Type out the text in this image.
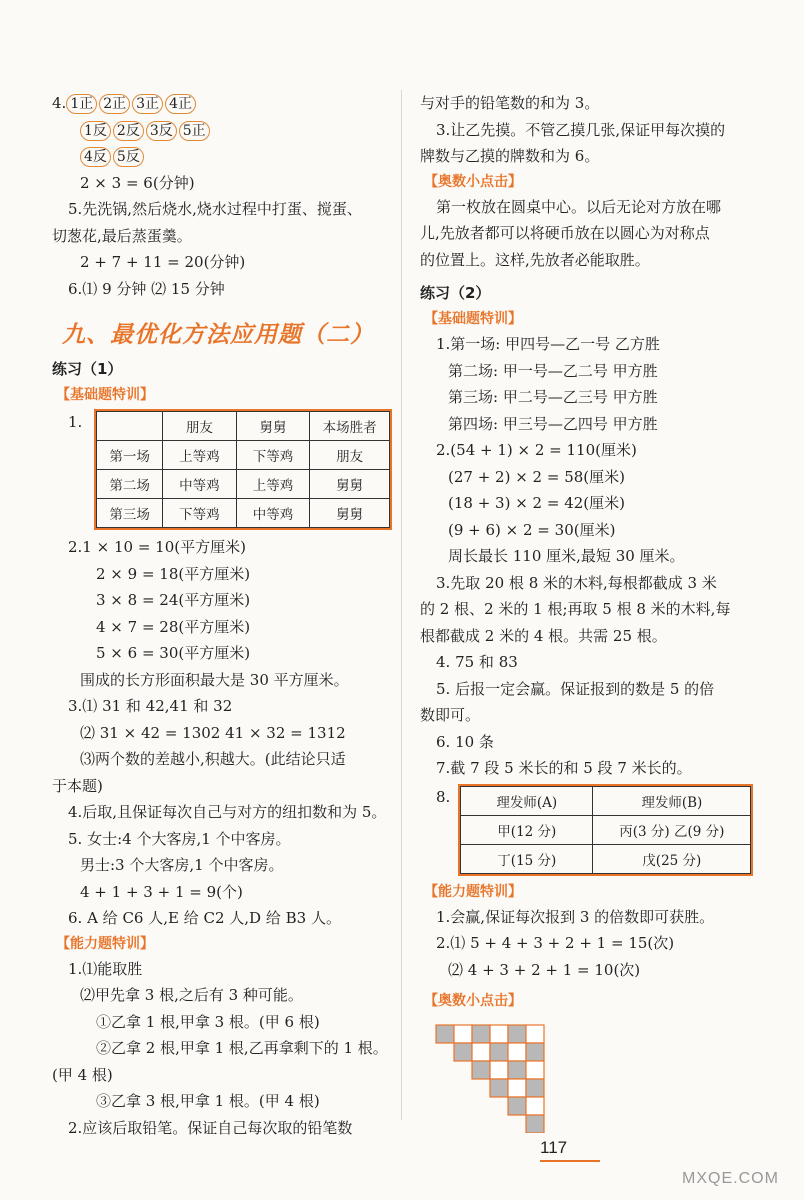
4. 1正 2正 3正 4正
1反 2反 3反 5正
4反 5反
2 × 3 = 6(分钟)
5.先洗锅,然后烧水,烧水过程中打蛋、搅蛋、
切葱花,最后蒸蛋羹。
2 + 7 + 11 = 20(分钟)
6.⑴ 9 分钟 ⑵ 15 分钟
九、最优化方法应用题（二）
练习（1）
【基础题特训】
1.
		朋友	舅舅	本场胜者
第一场	上等鸡	下等鸡	朋友
第二场	中等鸡	上等鸡	舅舅
第三场	下等鸡	中等鸡	舅舅
2.1 × 10 = 10(平方厘米)
2 × 9 = 18(平方厘米)
3 × 8 = 24(平方厘米)
4 × 7 = 28(平方厘米)
5 × 6 = 30(平方厘米)
围成的长方形面积最大是 30 平方厘米。
3.⑴ 31 和 42,41 和 32
⑵ 31 × 42 = 1302 41 × 32 = 1312
⑶两个数的差越小,积越大。(此结论只适
于本题)
4.后取,且保证每次自己与对方的纽扣数和为 5。
5. 女士:4 个大客房,1 个中客房。
男士:3 个大客房,1 个中客房。
4 + 1 + 3 + 1 = 9(个)
6. A 给 C6 人,E 给 C2 人,D 给 B3 人。
【能力题特训】
1.⑴能取胜
⑵甲先拿 3 根,之后有 3 种可能。
①乙拿 1 根,甲拿 3 根。(甲 6 根)
②乙拿 2 根,甲拿 1 根,乙再拿剩下的 1 根。
(甲 4 根)
③乙拿 3 根,甲拿 1 根。(甲 4 根)
2.应该后取铅笔。保证自己每次取的铅笔数
与对手的铅笔数的和为 3。
3.让乙先摸。不管乙摸几张,保证甲每次摸的
牌数与乙摸的牌数和为 6。
【奥数小点击】
第一枚放在圆桌中心。以后无论对方放在哪
儿,先放者都可以将硬币放在以圆心为对称点
的位置上。这样,先放者必能取胜。
练习（2）
【基础题特训】
1.第一场: 甲四号—乙一号 乙方胜
第二场: 甲一号—乙二号 甲方胜
第三场: 甲二号—乙三号 甲方胜
第四场: 甲三号—乙四号 甲方胜
2.(54 + 1) × 2 = 110(厘米)
(27 + 2) × 2 = 58(厘米)
(18 + 3) × 2 = 42(厘米)
(9 + 6) × 2 = 30(厘米)
周长最长 110 厘米,最短 30 厘米。
3.先取 20 根 8 米的木料,每根都截成 3 米
的 2 根、2 米的 1 根;再取 5 根 8 米的木料,每
根都截成 2 米的 4 根。共需 25 根。
4. 75 和 83
5. 后报一定会赢。保证报到的数是 5 的倍
数即可。
6. 10 条
7.截 7 段 5 米长的和 5 段 7 米长的。
8.	理发师(A)	理发师(B)
甲(12 分)	丙(3 分) 乙(9 分)
丁(15 分)	戊(25 分)
【能力题特训】
1.会赢,保证每次报到 3 的倍数即可获胜。
2.⑴ 5 + 4 + 3 + 2 + 1 = 15(次)
⑵ 4 + 3 + 2 + 1 = 10(次)
【奥数小点击】
117
MXQE.COM
